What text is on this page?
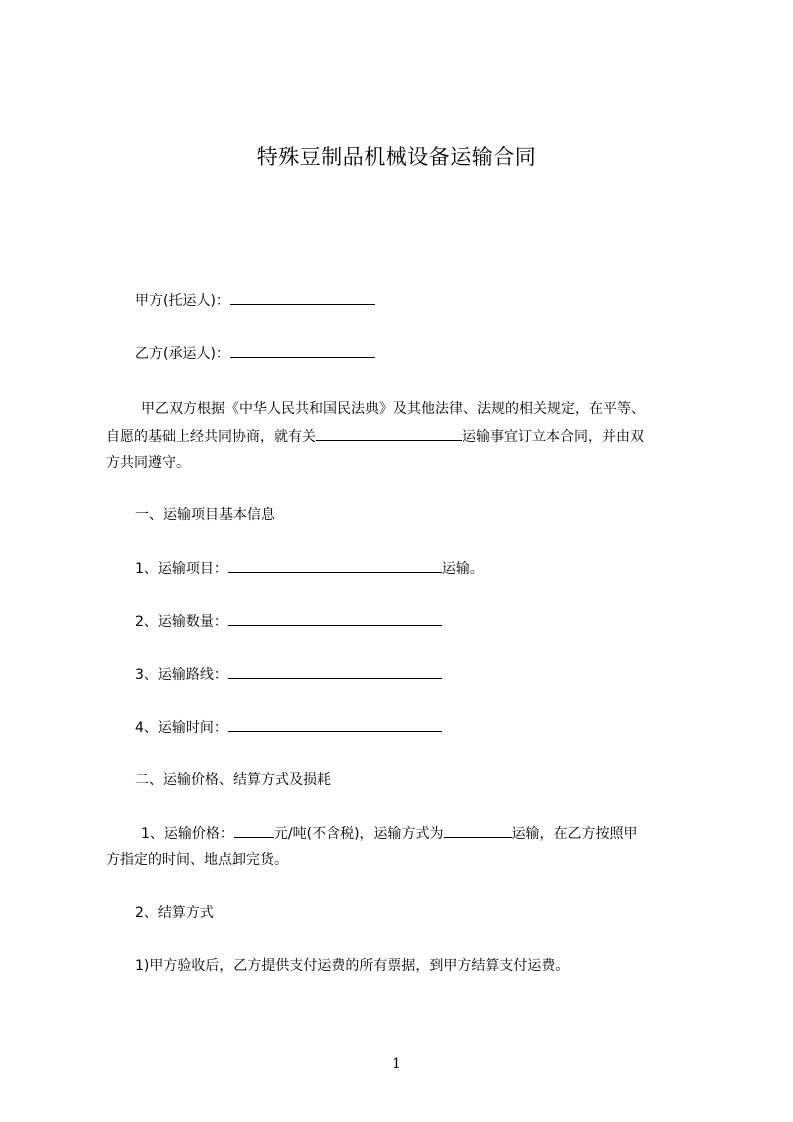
特殊豆制品机械设备运输合同
甲方(托运人)：
乙方(承运人)：
甲乙双方根据《中华人民共和国民法典》及其他法律、法规的相关规定，在平等、
自愿的基础上经共同协商，就有关	运输事宜订立本合同，并由双
方共同遵守。
一、运输项目基本信息
1、运输项目：	运输。
2、运输数量：
3、运输路线：
4、运输时间：
二、运输价格、结算方式及损耗
1、运输价格：	元/吨(不含税)，运输方式为	运输，在乙方按照甲
方指定的时间、地点卸完货。
2、结算方式
1)甲方验收后，乙方提供支付运费的所有票据，到甲方结算支付运费。
1
